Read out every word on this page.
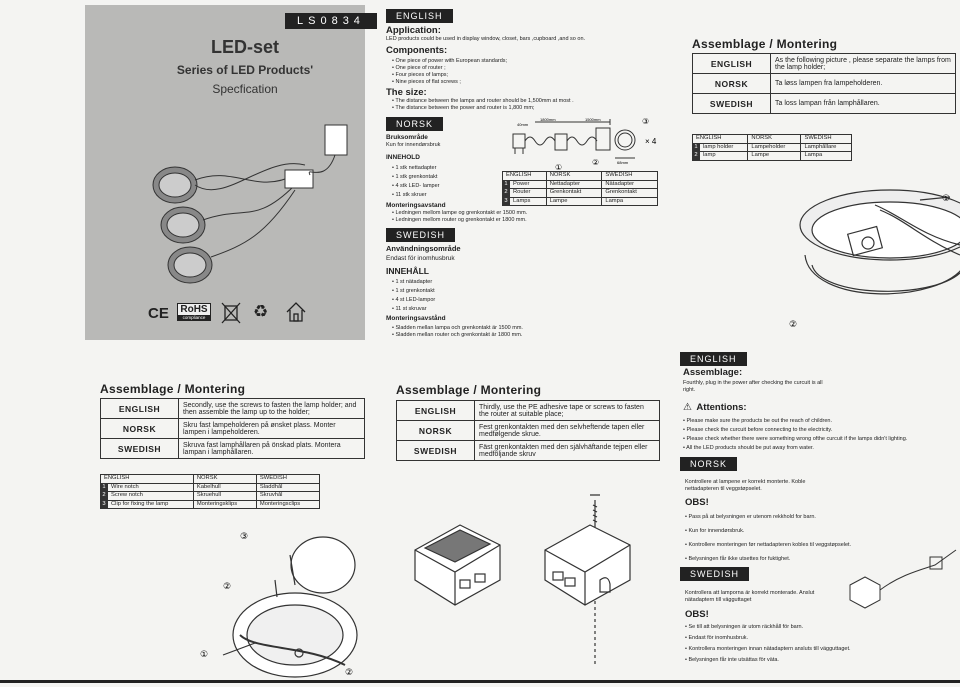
LS0834
LED-set
Series of LED Products'
Specfication
CE RoHS
compliance	♻
ENGLISH
Application:
LED products could be used in display window, closet, bars ,cupboard ,and so on.
Components:
• One piece of power with European standards;
• One piece of router ;
• Four pieces of lamps;
• Nine pieces of flat screws ;
The size:
• The distance between the lamps and router should be 1,500mm at most .
• The distance between the power and router is 1,800 mm;
NORSK
Bruksområde
Kun for innendørsbruk
INNEHOLD
• 1 stk nettadapter
• 1 stk grenkontakt
• 4 stk LED- lamper
• 11 stk skruer
Monteringsavstand
• Ledningen mellom lampe og grenkontakt er 1500 mm.
• Ledningen mellom router og grenkontakt er 1800 mm.
40mm
1800mm	1500mm
68mm
× 4
①
②
③
ENGLISH		NORSK	SWEDISH
1	Power	Nettadapter	Nätadapter
2	Router	Grenkontakt	Grenkontakt
3	Lamps	Lampe	Lampa
SWEDISH
Användningsområde
Endast för inomhusbruk
INNEHÅLL
• 1 st nätadapter
• 1 st grenkontakt
• 4 st LED-lampor
• 11 st skruvar
Monteringsavstånd
• Sladden mellan lampa och grenkontakt är 1500 mm.
• Sladden mellan router och grenkontakt är 1800 mm.
Assemblage / Montering
ENGLISH	As the following picture , please separate the lamps from the lamp holder;
NORSK	Ta løss lampen fra lampeholderen.
SWEDISH	Ta loss lampan från lamphållaren.
ENGLISH		NORSK	SWEDISH
1	lamp holder	Lampeholder	Lamphållare
2	lamp	Lampe	Lampa
①
②
Assemblage / Montering
ENGLISH	Secondly, use the screws to fasten the lamp holder; and then assemble the lamp up to the holder;
NORSK	Skru fast lampeholderen på ønsket plass. Monter lampen i lampeholderen.
SWEDISH	Skruva fast lamphållaren på önskad plats. Montera lampan i lamphållaren.
ENGLISH		NORSK	SWEDISH
1	Wire notch	Kabelhull	Sladdhål
2	Screw notch	Skruehull	Skruvhål
3	Clip for fixing the lamp	Monteringsklips	Monteringsclips
③
②
①
②
Assemblage / Montering
ENGLISH	Thirdly, use the PE adhesive tape or screws to fasten the router at suitable place;
NORSK	Fest grenkontakten med den selvheftende tapen eller medfølgende skrue.
SWEDISH	Fäst grenkontakten med den självhäftande tejpen eller medföljande skruv
ENGLISH
Assemblage:
Fourthly, plug in the power after checking the curcuit is all right.
⚠ Attentions:
• Please make sure the products be out the reach of children.
• Please check the curcuit before connecting to the electricity.
• Please check whether there were something wrong ofthe curcuit if the lamps didn't lighting.
• All the LED products should be put away from water.
NORSK
Kontrollere at lampene er korrekt monterte. Koble nettadapteren til veggstøpselet.
OBS!
• Pass på at belysningen er utenom rekkhold for barn.
• Kun for innendørsbruk.
• Kontrollere monteringen før nettadapteren kobles til veggstøpselet.
• Belysningen får ikke utsettes for fuktighet.
SWEDISH
Kontrollera att lamporna är korrekt monterade. Anslut nätadaptern till vägguttaget
OBS!
• Se till att belysningen är utom räckhåll för barn.
• Endast för inomhusbruk.
• Kontrollera monteringen innan nätadaptern ansluts till vägguttaget.
• Belysningen får inte utsättas för väta.
